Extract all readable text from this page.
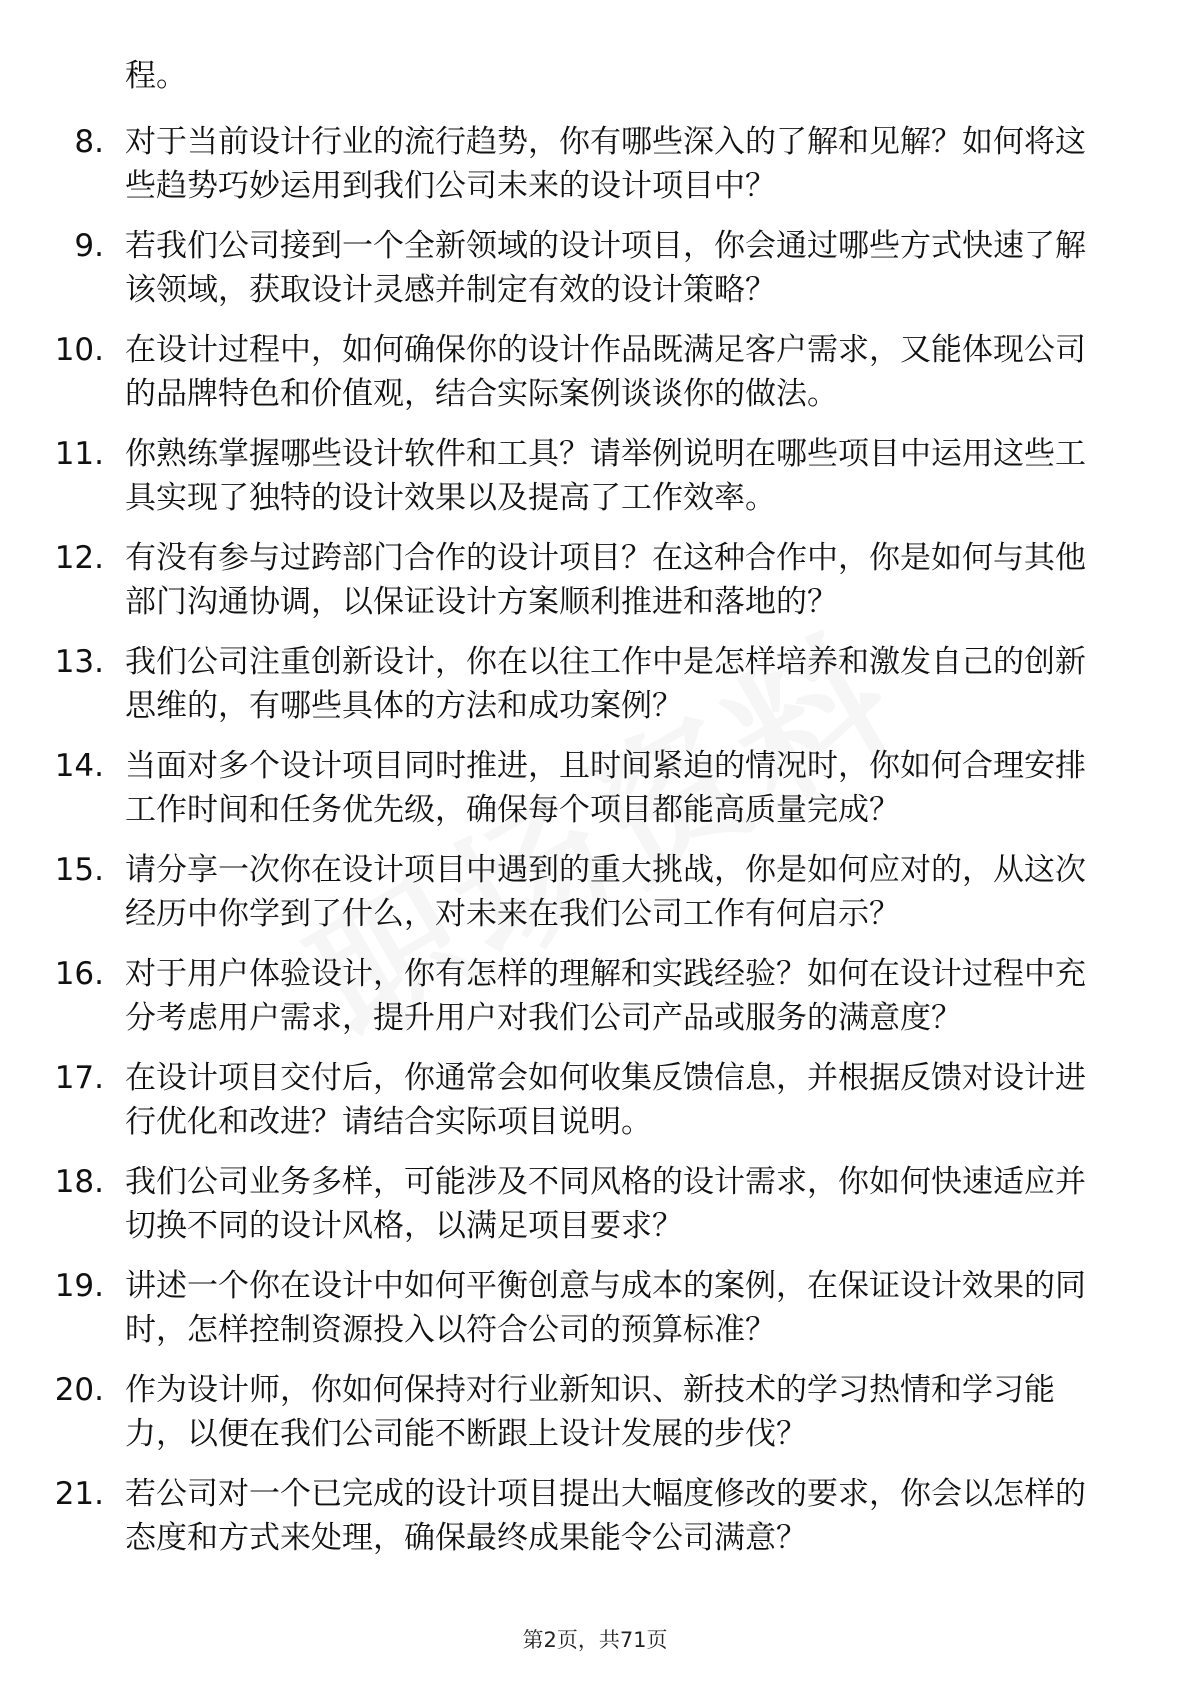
程。

8. 对于当前设计行业的流行趋势，你有哪些深入的了解和见解？如何将这些趋势巧妙运用到我们公司未来的设计项目中？

9. 若我们公司接到一个全新领域的设计项目，你会通过哪些方式快速了解该领域，获取设计灵感并制定有效的设计策略？

10. 在设计过程中，如何确保你的设计作品既满足客户需求，又能体现公司的品牌特色和价值观，结合实际案例谈谈你的做法。

11. 你熟练掌握哪些设计软件和工具？请举例说明在哪些项目中运用这些工具实现了独特的设计效果以及提高了工作效率。

12. 有没有参与过跨部门合作的设计项目？在这种合作中，你是如何与其他部门沟通协调，以保证设计方案顺利推进和落地的？

13. 我们公司注重创新设计，你在以往工作中是怎样培养和激发自己的创新思维的，有哪些具体的方法和成功案例？

14. 当面对多个设计项目同时推进，且时间紧迫的情况时，你如何合理安排工作时间和任务优先级，确保每个项目都能高质量完成？

15. 请分享一次你在设计项目中遇到的重大挑战，你是如何应对的，从这次经历中你学到了什么，对未来在我们公司工作有何启示？

16. 对于用户体验设计，你有怎样的理解和实践经验？如何在设计过程中充分考虑用户需求，提升用户对我们公司产品或服务的满意度？

17. 在设计项目交付后，你通常会如何收集反馈信息，并根据反馈对设计进行优化和改进？请结合实际项目说明。

18. 我们公司业务多样，可能涉及不同风格的设计需求，你如何快速适应并切换不同的设计风格，以满足项目要求？

19. 讲述一个你在设计中如何平衡创意与成本的案例，在保证设计效果的同时，怎样控制资源投入以符合公司的预算标准？

20. 作为设计师，你如何保持对行业新知识、新技术的学习热情和学习能力，以便在我们公司能不断跟上设计发展的步伐？

21. 若公司对一个已完成的设计项目提出大幅度修改的要求，你会以怎样的态度和方式来处理，确保最终成果能令公司满意？

第2页，共71页
